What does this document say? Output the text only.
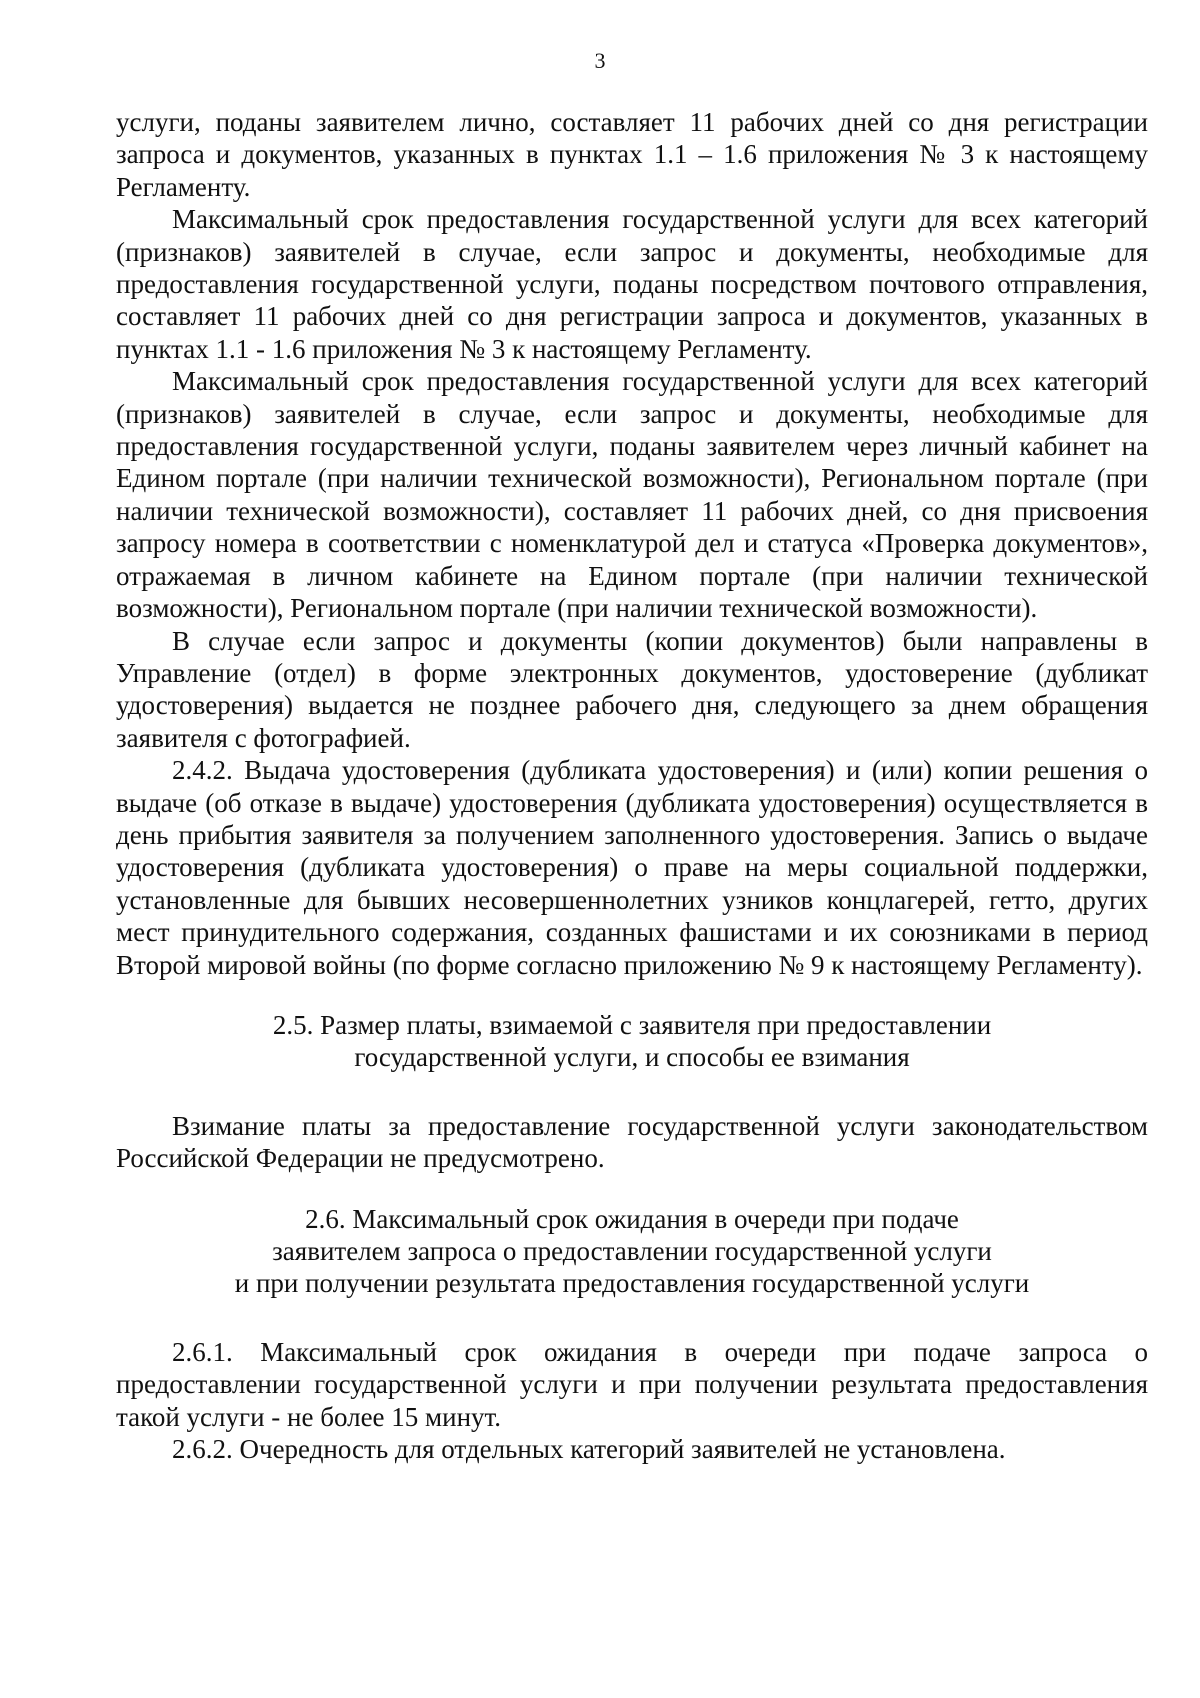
3

услуги, поданы заявителем лично, составляет 11 рабочих дней со дня регистрации запроса и документов, указанных в пунктах 1.1 – 1.6 приложения № 3 к настоящему Регламенту.

Максимальный срок предоставления государственной услуги для всех категорий (признаков) заявителей в случае, если запрос и документы, необходимые для предоставления государственной услуги, поданы посредством почтового отправления, составляет 11 рабочих дней со дня регистрации запроса и документов, указанных в пунктах 1.1 - 1.6 приложения № 3 к настоящему Регламенту.

Максимальный срок предоставления государственной услуги для всех категорий (признаков) заявителей в случае, если запрос и документы, необходимые для предоставления государственной услуги, поданы заявителем через личный кабинет на Едином портале (при наличии технической возможности), Региональном портале (при наличии технической возможности), составляет 11 рабочих дней, со дня присвоения запросу номера в соответствии с номенклатурой дел и статуса «Проверка документов», отражаемая в личном кабинете на Едином портале (при наличии технической возможности), Региональном портале (при наличии технической возможности).

В случае если запрос и документы (копии документов) были направлены в Управление (отдел) в форме электронных документов, удостоверение (дубликат удостоверения) выдается не позднее рабочего дня, следующего за днем обращения заявителя с фотографией.

2.4.2. Выдача удостоверения (дубликата удостоверения) и (или) копии решения о выдаче (об отказе в выдаче) удостоверения (дубликата удостоверения) осуществляется в день прибытия заявителя за получением заполненного удостоверения. Запись о выдаче удостоверения (дубликата удостоверения) о праве на меры социальной поддержки, установленные для бывших несовершеннолетних узников концлагерей, гетто, других мест принудительного содержания, созданных фашистами и их союзниками в период Второй мировой войны (по форме согласно приложению № 9 к настоящему Регламенту).

2.5. Размер платы, взимаемой с заявителя при предоставлении
государственной услуги, и способы ее взимания

Взимание платы за предоставление государственной услуги законодательством Российской Федерации не предусмотрено.

2.6. Максимальный срок ожидания в очереди при подаче
заявителем запроса о предоставлении государственной услуги
и при получении результата предоставления государственной услуги

2.6.1. Максимальный срок ожидания в очереди при подаче запроса о предоставлении государственной услуги и при получении результата предоставления такой услуги - не более 15 минут.

2.6.2. Очередность для отдельных категорий заявителей не установлена.
